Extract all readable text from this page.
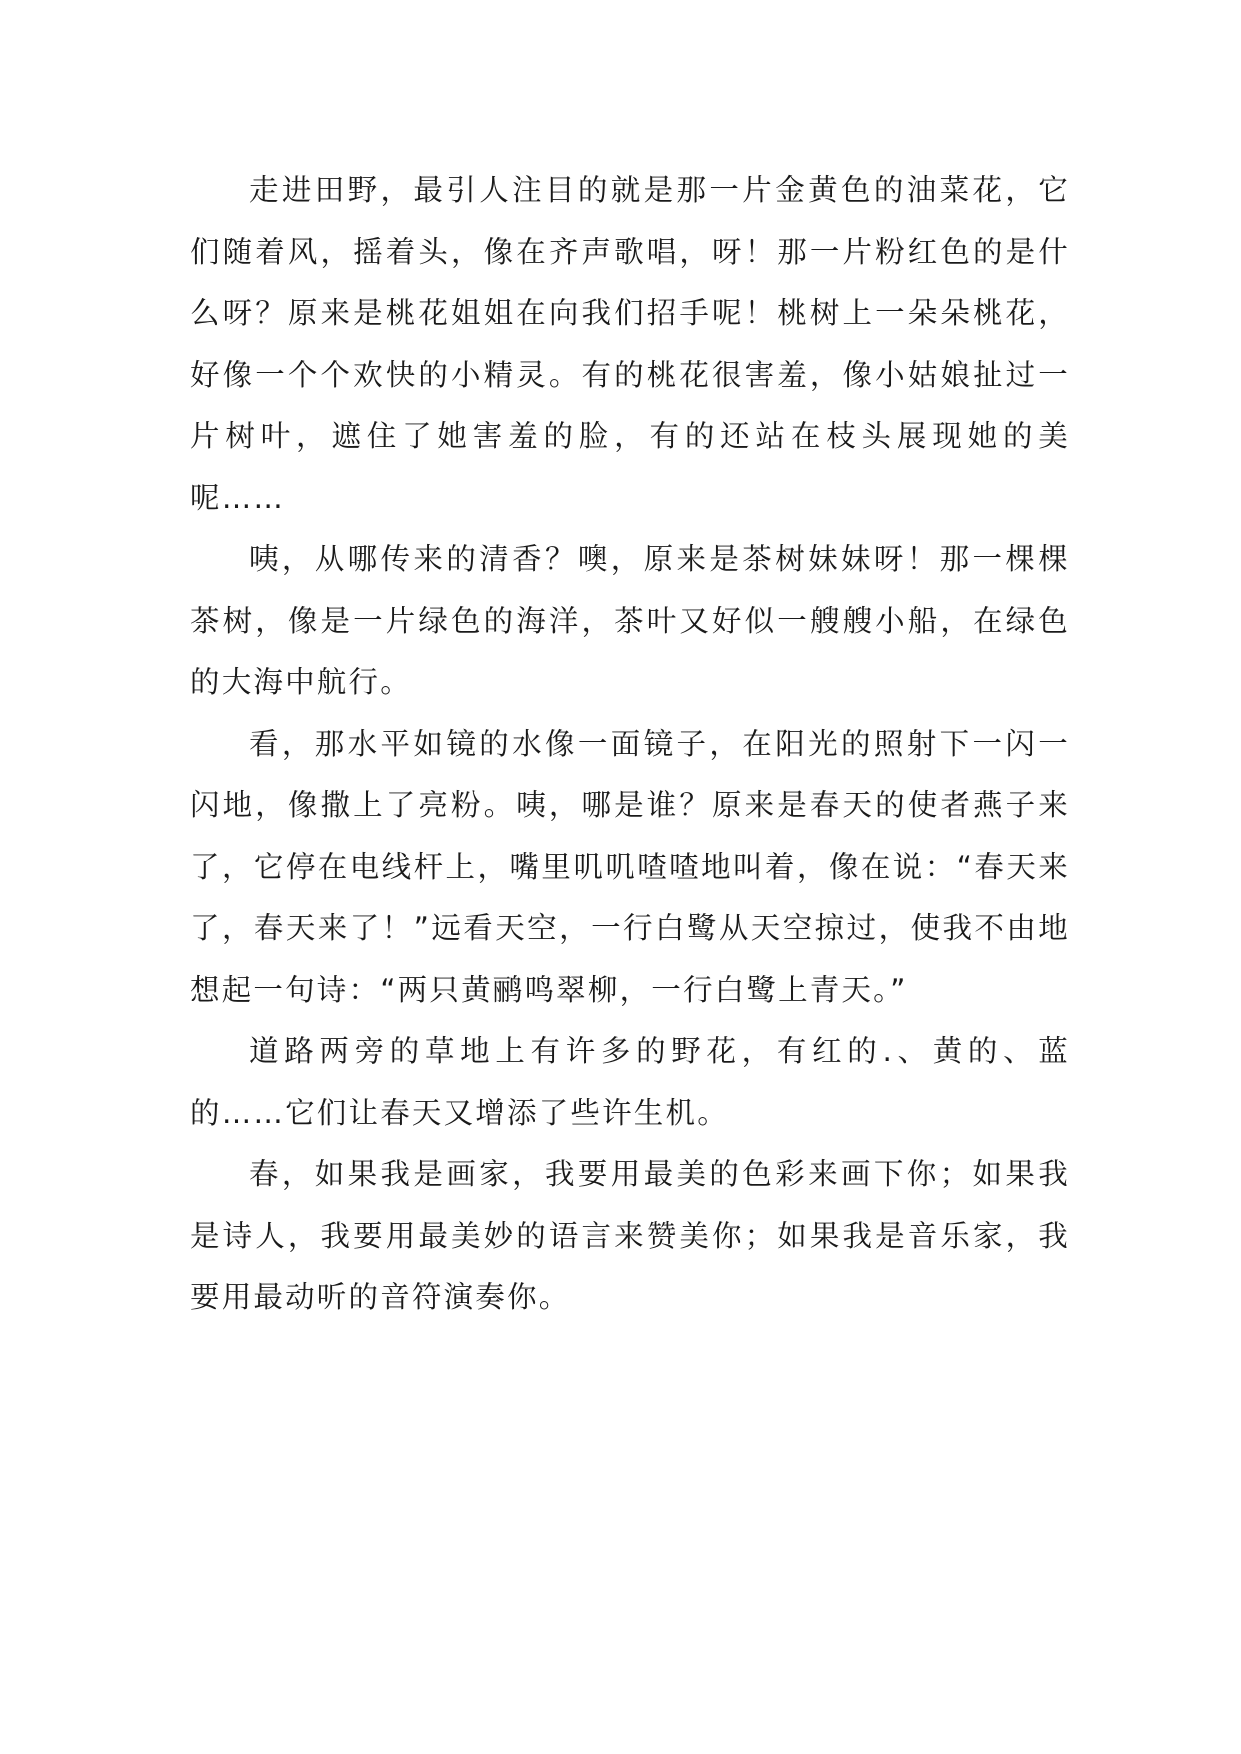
走进田野，最引人注目的就是那一片金黄色的油菜花，它们随着风，摇着头，像在齐声歌唱，呀！那一片粉红色的是什么呀？原来是桃花姐姐在向我们招手呢！桃树上一朵朵桃花，好像一个个欢快的小精灵。有的桃花很害羞，像小姑娘扯过一片树叶，遮住了她害羞的脸，有的还站在枝头展现她的美呢……

咦，从哪传来的清香？噢，原来是茶树妹妹呀！那一棵棵茶树，像是一片绿色的海洋，茶叶又好似一艘艘小船，在绿色的大海中航行。

看，那水平如镜的水像一面镜子，在阳光的照射下一闪一闪地，像撒上了亮粉。咦，哪是谁？原来是春天的使者燕子来了，它停在电线杆上，嘴里叽叽喳喳地叫着，像在说：“春天来了，春天来了！”远看天空，一行白鹭从天空掠过，使我不由地想起一句诗：“两只黄鹂鸣翠柳，一行白鹭上青天。”

道路两旁的草地上有许多的野花，有红的.、黄的、蓝的……它们让春天又增添了些许生机。

春，如果我是画家，我要用最美的色彩来画下你；如果我是诗人，我要用最美妙的语言来赞美你；如果我是音乐家，我要用最动听的音符演奏你。
